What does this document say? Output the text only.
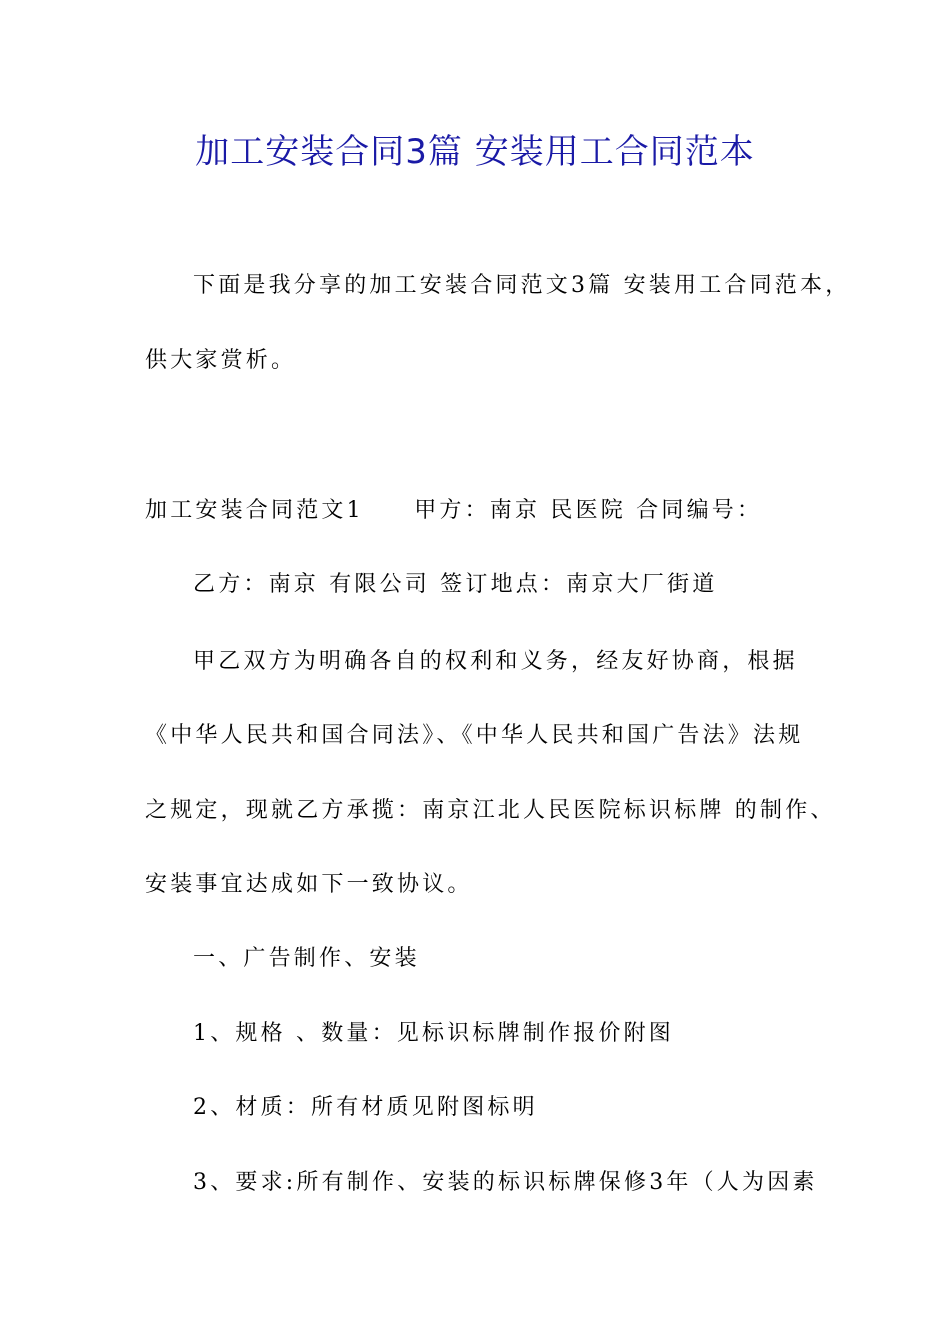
加工安装合同3篇 安装用工合同范本
下面是我分享的加工安装合同范文3篇 安装用工合同范本，
供大家赏析。
加工安装合同范文1　　甲方：南京 民医院 合同编号：
乙方：南京 有限公司 签订地点：南京大厂街道
甲乙双方为明确各自的权利和义务，经友好协商，根据
《中华人民共和国合同法》、《中华人民共和国广告法》法规
之规定，现就乙方承揽：南京江北人民医院标识标牌 的制作、
安装事宜达成如下一致协议。
一、广告制作、安装
1、规格 、数量：见标识标牌制作报价附图
2、材质：所有材质见附图标明
3、要求:所有制作、安装的标识标牌保修3年（人为因素
